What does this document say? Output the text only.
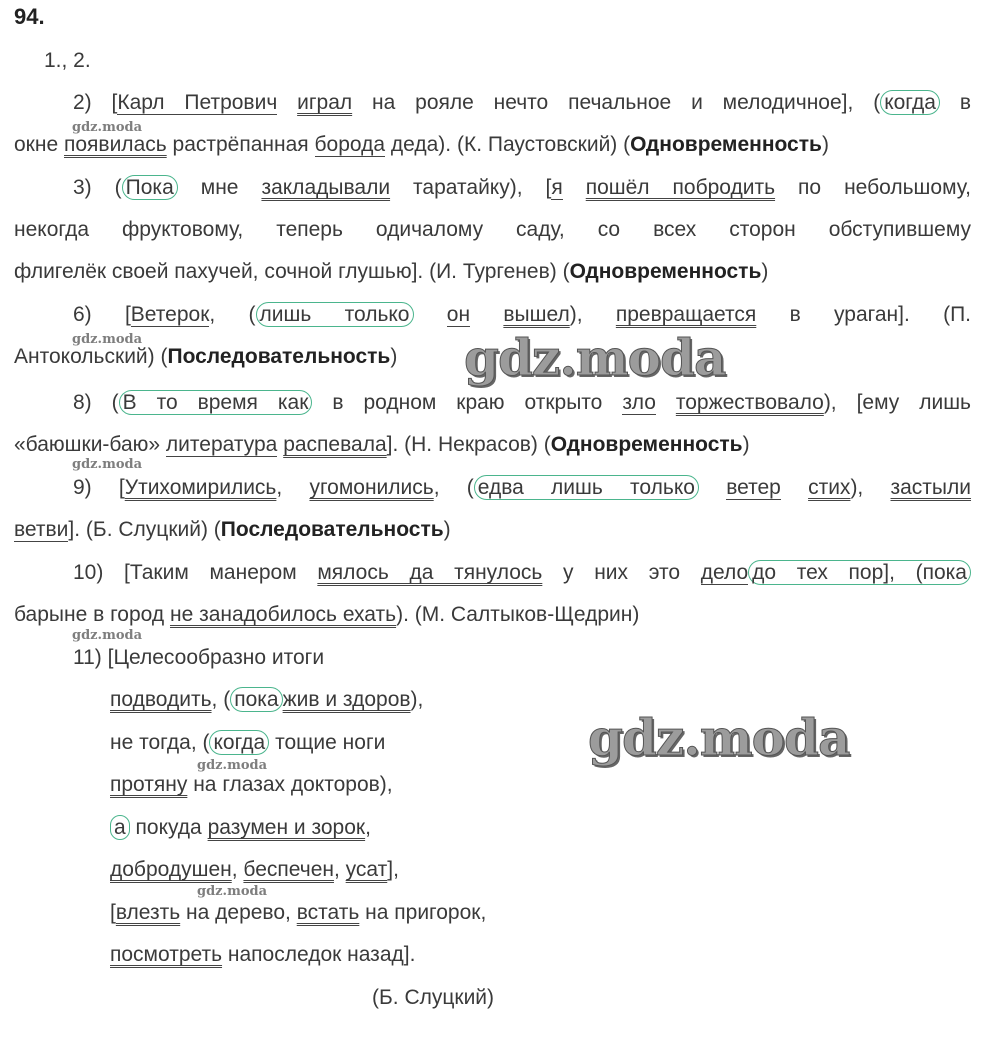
94.
1., 2.
2) [Карл Петрович играл на рояле нечто печальное и мелодичное], ( когда в
окне появилась растрёпанная борода деда). (К. Паустовский) (Одновременность)
3) ( Пока мне закладывали таратайку), [я пошёл побродить по небольшому,
некогда фруктовому, теперь одичалому саду, со всех сторон обступившему
флигелёк своей пахучей, сочной глушью]. (И. Тургенев) (Одновременность)
6) [Ветерок, ( лишь только он вышел), превращается в ураган]. (П.
Антокольский) (Последовательность)
8) ( В то время как в родном краю открыто зло торжествовало), [ему лишь
«баюшки-баю» литература распевала]. (Н. Некрасов) (Одновременность)
9) [Утихомирились, угомонились, ( едва лишь только ветер стих), застыли
ветви]. (Б. Слуцкий) (Последовательность)
10) [Таким манером мялось да тянулось у них это дело до тех пор], (пока
барыне в город не занадобилось ехать). (М. Салтыков-Щедрин)
11) [Целесообразно итоги
подводить, ( пока жив и здоров),
не тогда, ( когда тощие ноги
протяну на глазах докторов),
а покуда разумен и зорок,
добродушен, беспечен, усат],
[влезть на дерево, встать на пригорок,
посмотреть напоследок назад].
(Б. Слуцкий)
gdz.moda
gdz.moda
gdz.moda
gdz.moda
gdz.moda
gdz.moda
gdz.moda
gdz.moda
